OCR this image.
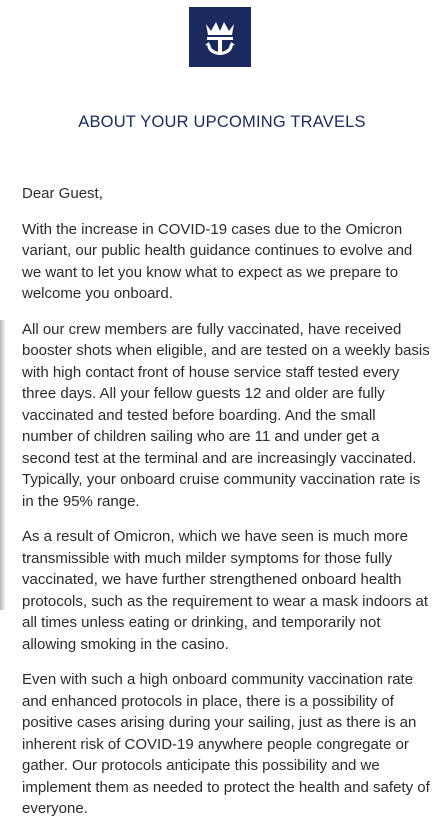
ABOUT YOUR UPCOMING TRAVELS

Dear Guest,

With the increase in COVID-19 cases due to the Omicron variant, our public health guidance continues to evolve and we want to let you know what to expect as we prepare to welcome you onboard.

All our crew members are fully vaccinated, have received booster shots when eligible, and are tested on a weekly basis with high contact front of house service staff tested every three days. All your fellow guests 12 and older are fully vaccinated and tested before boarding. And the small number of children sailing who are 11 and under get a second test at the terminal and are increasingly vaccinated. Typically, your onboard cruise community vaccination rate is in the 95% range.

As a result of Omicron, which we have seen is much more transmissible with much milder symptoms for those fully vaccinated, we have further strengthened onboard health protocols, such as the requirement to wear a mask indoors at all times unless eating or drinking, and temporarily not allowing smoking in the casino.

Even with such a high onboard community vaccination rate and enhanced protocols in place, there is a possibility of positive cases arising during your sailing, just as there is an inherent risk of COVID-19 anywhere people congregate or gather. Our protocols anticipate this possibility and we implement them as needed to protect the health and safety of everyone.
